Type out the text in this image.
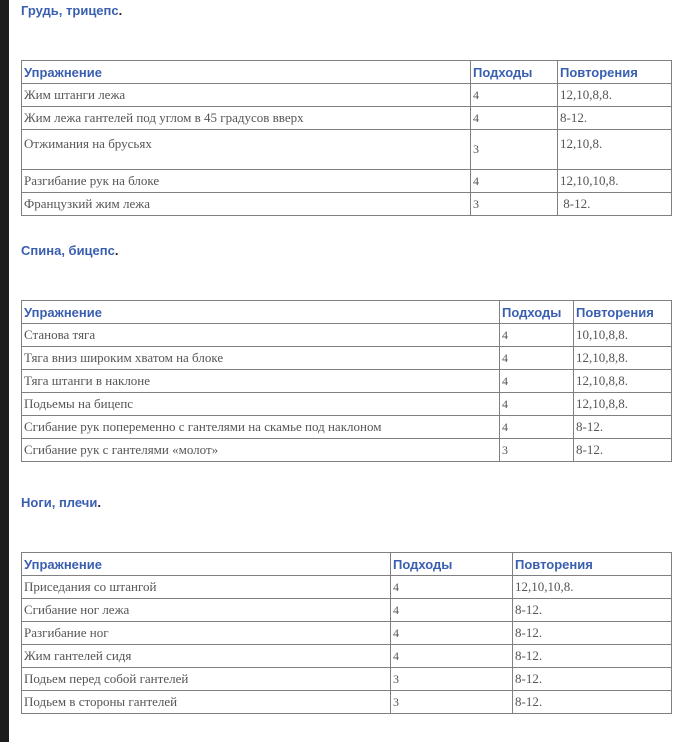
Грудь, трицепс.
Упражнение	Подходы	Повторения
Жим штанги лежа	4	12,10,8,8.
Жим лежа гантелей под углом в 45 градусов вверх	4	8-12.
Отжимания на брусьях	3	12,10,8.
Разгибание рук на блоке	4	12,10,10,8.
Французкий жим лежа	3	8-12.
Спина, бицепс.
Упражнение	Подходы	Повторения
Станова тяга	4	10,10,8,8.
Тяга вниз широким хватом на блоке	4	12,10,8,8.
Тяга штанги в наклоне	4	12,10,8,8.
Подьемы на бицепс	4	12,10,8,8.
Сгибание рук попеременно с гантелями на скамье под наклоном	4	8-12.
Сгибание рук с гантелями «молот»	3	8-12.
Ноги, плечи.
Упражнение	Подходы	Повторения
Приседания со штангой	4	12,10,10,8.
Сгибание ног лежа	4	8-12.
Разгибание ног	4	8-12.
Жим гантелей сидя	4	8-12.
Подьем перед собой гантелей	3	8-12.
Подьем в стороны гантелей	3	8-12.
